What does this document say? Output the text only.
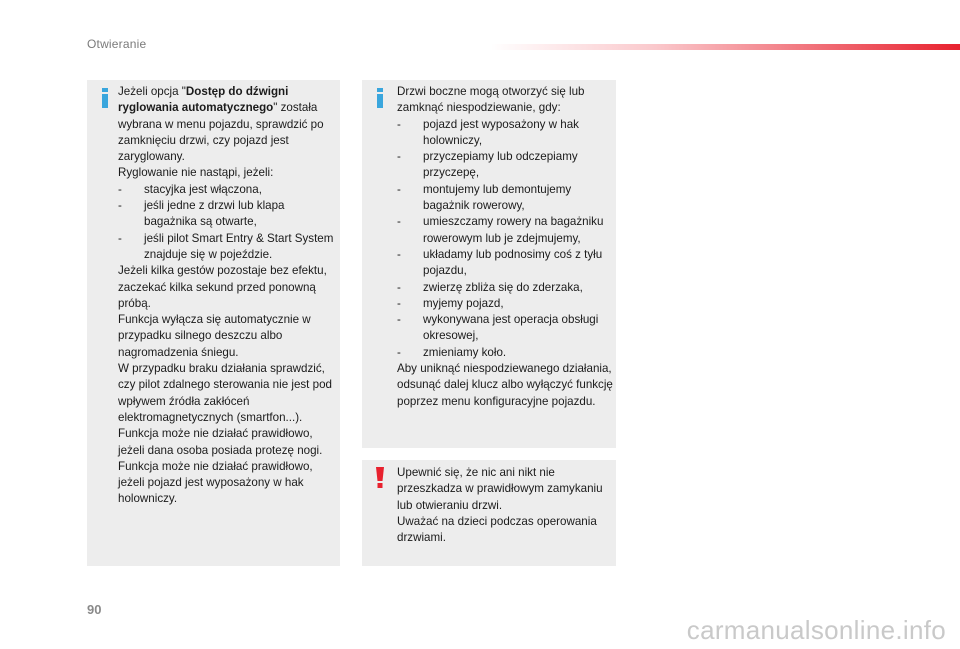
Otwieranie

Jeżeli opcja "Dostęp do dźwigni ryglowania automatycznego" została wybrana w menu pojazdu, sprawdzić po zamknięciu drzwi, czy pojazd jest zaryglowany.

Ryglowanie nie nastąpi, jeżeli:

- stacyjka jest włączona,
- jeśli jedne z drzwi lub klapa bagażnika są otwarte,
- jeśli pilot Smart Entry & Start System znajduje się w pojeździe.

Jeżeli kilka gestów pozostaje bez efektu, zaczekać kilka sekund przed ponowną próbą.

Funkcja wyłącza się automatycznie w przypadku silnego deszczu albo nagromadzenia śniegu.

W przypadku braku działania sprawdzić, czy pilot zdalnego sterowania nie jest pod wpływem źródła zakłóceń elektromagnetycznych (smartfon...).

Funkcja może nie działać prawidłowo, jeżeli dana osoba posiada protezę nogi.

Funkcja może nie działać prawidłowo, jeżeli pojazd jest wyposażony w hak holowniczy.

Drzwi boczne mogą otworzyć się lub zamknąć niespodziewanie, gdy:

- pojazd jest wyposażony w hak holowniczy,
- przyczepiamy lub odczepiamy przyczepę,
- montujemy lub demontujemy bagażnik rowerowy,
- umieszczamy rowery na bagażniku rowerowym lub je zdejmujemy,
- układamy lub podnosimy coś z tyłu pojazdu,
- zwierzę zbliża się do zderzaka,
- myjemy pojazd,
- wykonywana jest operacja obsługi okresowej,
- zmieniamy koło.

Aby uniknąć niespodziewanego działania, odsunąć dalej klucz albo wyłączyć funkcję poprzez menu konfiguracyjne pojazdu.

Upewnić się, że nic ani nikt nie przeszkadza w prawidłowym zamykaniu lub otwieraniu drzwi.

Uważać na dzieci podczas operowania drzwiami.

90
carmanualsonline.info
